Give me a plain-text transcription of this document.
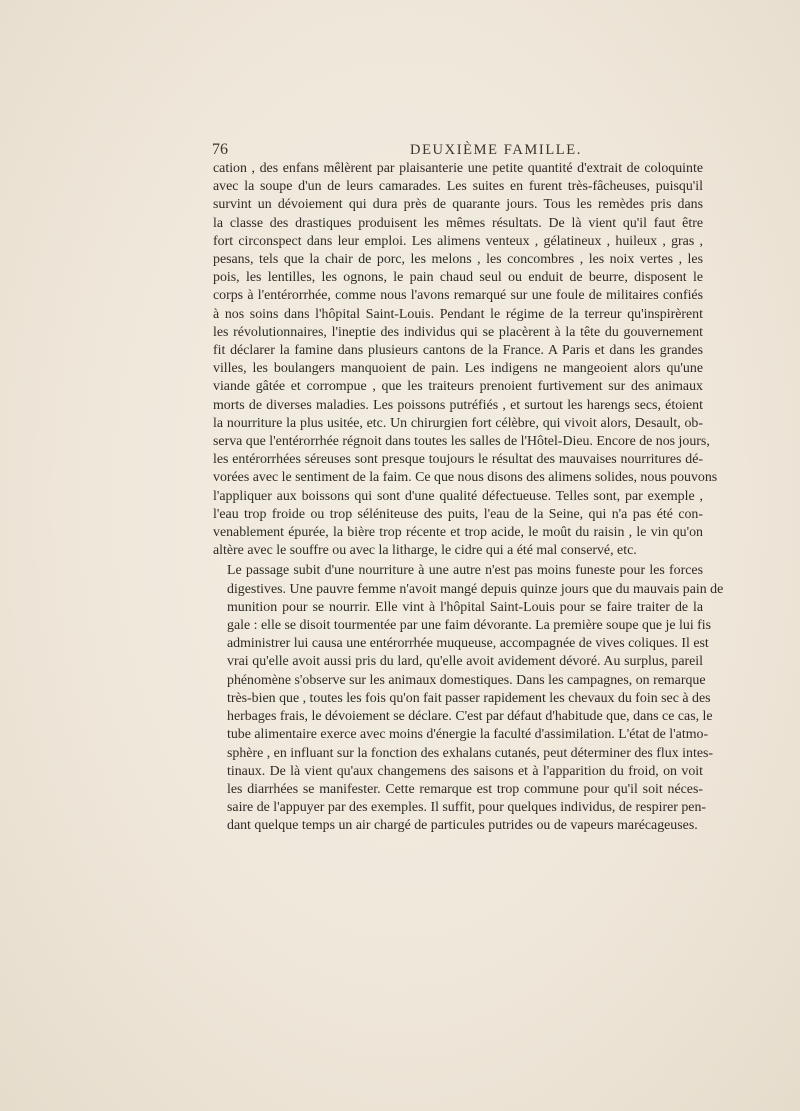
76	DEUXIÈME FAMILLE.

cation , des enfans mêlèrent par plaisanterie une petite quantité d'extrait de coloquinte
avec la soupe d'un de leurs camarades. Les suites en furent très-fâcheuses, puisqu'il
survint un dévoiement qui dura près de quarante jours. Tous les remèdes pris dans
la classe des drastiques produisent les mêmes résultats. De là vient qu'il faut être
fort circonspect dans leur emploi. Les alimens venteux , gélatineux , huileux , gras ,
pesans, tels que la chair de porc, les melons , les concombres , les noix vertes , les
pois, les lentilles, les ognons, le pain chaud seul ou enduit de beurre, disposent le
corps à l'entérorrhée, comme nous l'avons remarqué sur une foule de militaires confiés
à nos soins dans l'hôpital Saint-Louis. Pendant le régime de la terreur qu'inspirèrent
les révolutionnaires, l'ineptie des individus qui se placèrent à la tête du gouvernement
fit déclarer la famine dans plusieurs cantons de la France. A Paris et dans les grandes
villes, les boulangers manquoient de pain. Les indigens ne mangeoient alors qu'une
viande gâtée et corrompue , que les traiteurs prenoient furtivement sur des animaux
morts de diverses maladies. Les poissons putréfiés , et surtout les harengs secs, étoient
la nourriture la plus usitée, etc. Un chirurgien fort célèbre, qui vivoit alors, Desault, ob-
serva que l'entérorrhée régnoit dans toutes les salles de l'Hôtel-Dieu. Encore de nos jours,
les entérorrhées séreuses sont presque toujours le résultat des mauvaises nourritures dé-
vorées avec le sentiment de la faim. Ce que nous disons des alimens solides, nous pouvons
l'appliquer aux boissons qui sont d'une qualité défectueuse. Telles sont, par exemple ,
l'eau trop froide ou trop séléniteuse des puits, l'eau de la Seine, qui n'a pas été con-
venablement épurée, la bière trop récente et trop acide, le moût du raisin , le vin qu'on
altère avec le souffre ou avec la litharge, le cidre qui a été mal conservé, etc.

Le passage subit d'une nourriture à une autre n'est pas moins funeste pour les forces
digestives. Une pauvre femme n'avoit mangé depuis quinze jours que du mauvais pain de
munition pour se nourrir. Elle vint à l'hôpital Saint-Louis pour se faire traiter de la
gale : elle se disoit tourmentée par une faim dévorante. La première soupe que je lui fis
administrer lui causa une entérorrhée muqueuse, accompagnée de vives coliques. Il est
vrai qu'elle avoit aussi pris du lard, qu'elle avoit avidement dévoré. Au surplus, pareil
phénomène s'observe sur les animaux domestiques. Dans les campagnes, on remarque
très-bien que , toutes les fois qu'on fait passer rapidement les chevaux du foin sec à des
herbages frais, le dévoiement se déclare. C'est par défaut d'habitude que, dans ce cas, le
tube alimentaire exerce avec moins d'énergie la faculté d'assimilation. L'état de l'atmo-
sphère , en influant sur la fonction des exhalans cutanés, peut déterminer des flux intes-
tinaux. De là vient qu'aux changemens des saisons et à l'apparition du froid, on voit
les diarrhées se manifester. Cette remarque est trop commune pour qu'il soit néces-
saire de l'appuyer par des exemples. Il suffit, pour quelques individus, de respirer pen-
dant quelque temps un air chargé de particules putrides ou de vapeurs marécageuses.
